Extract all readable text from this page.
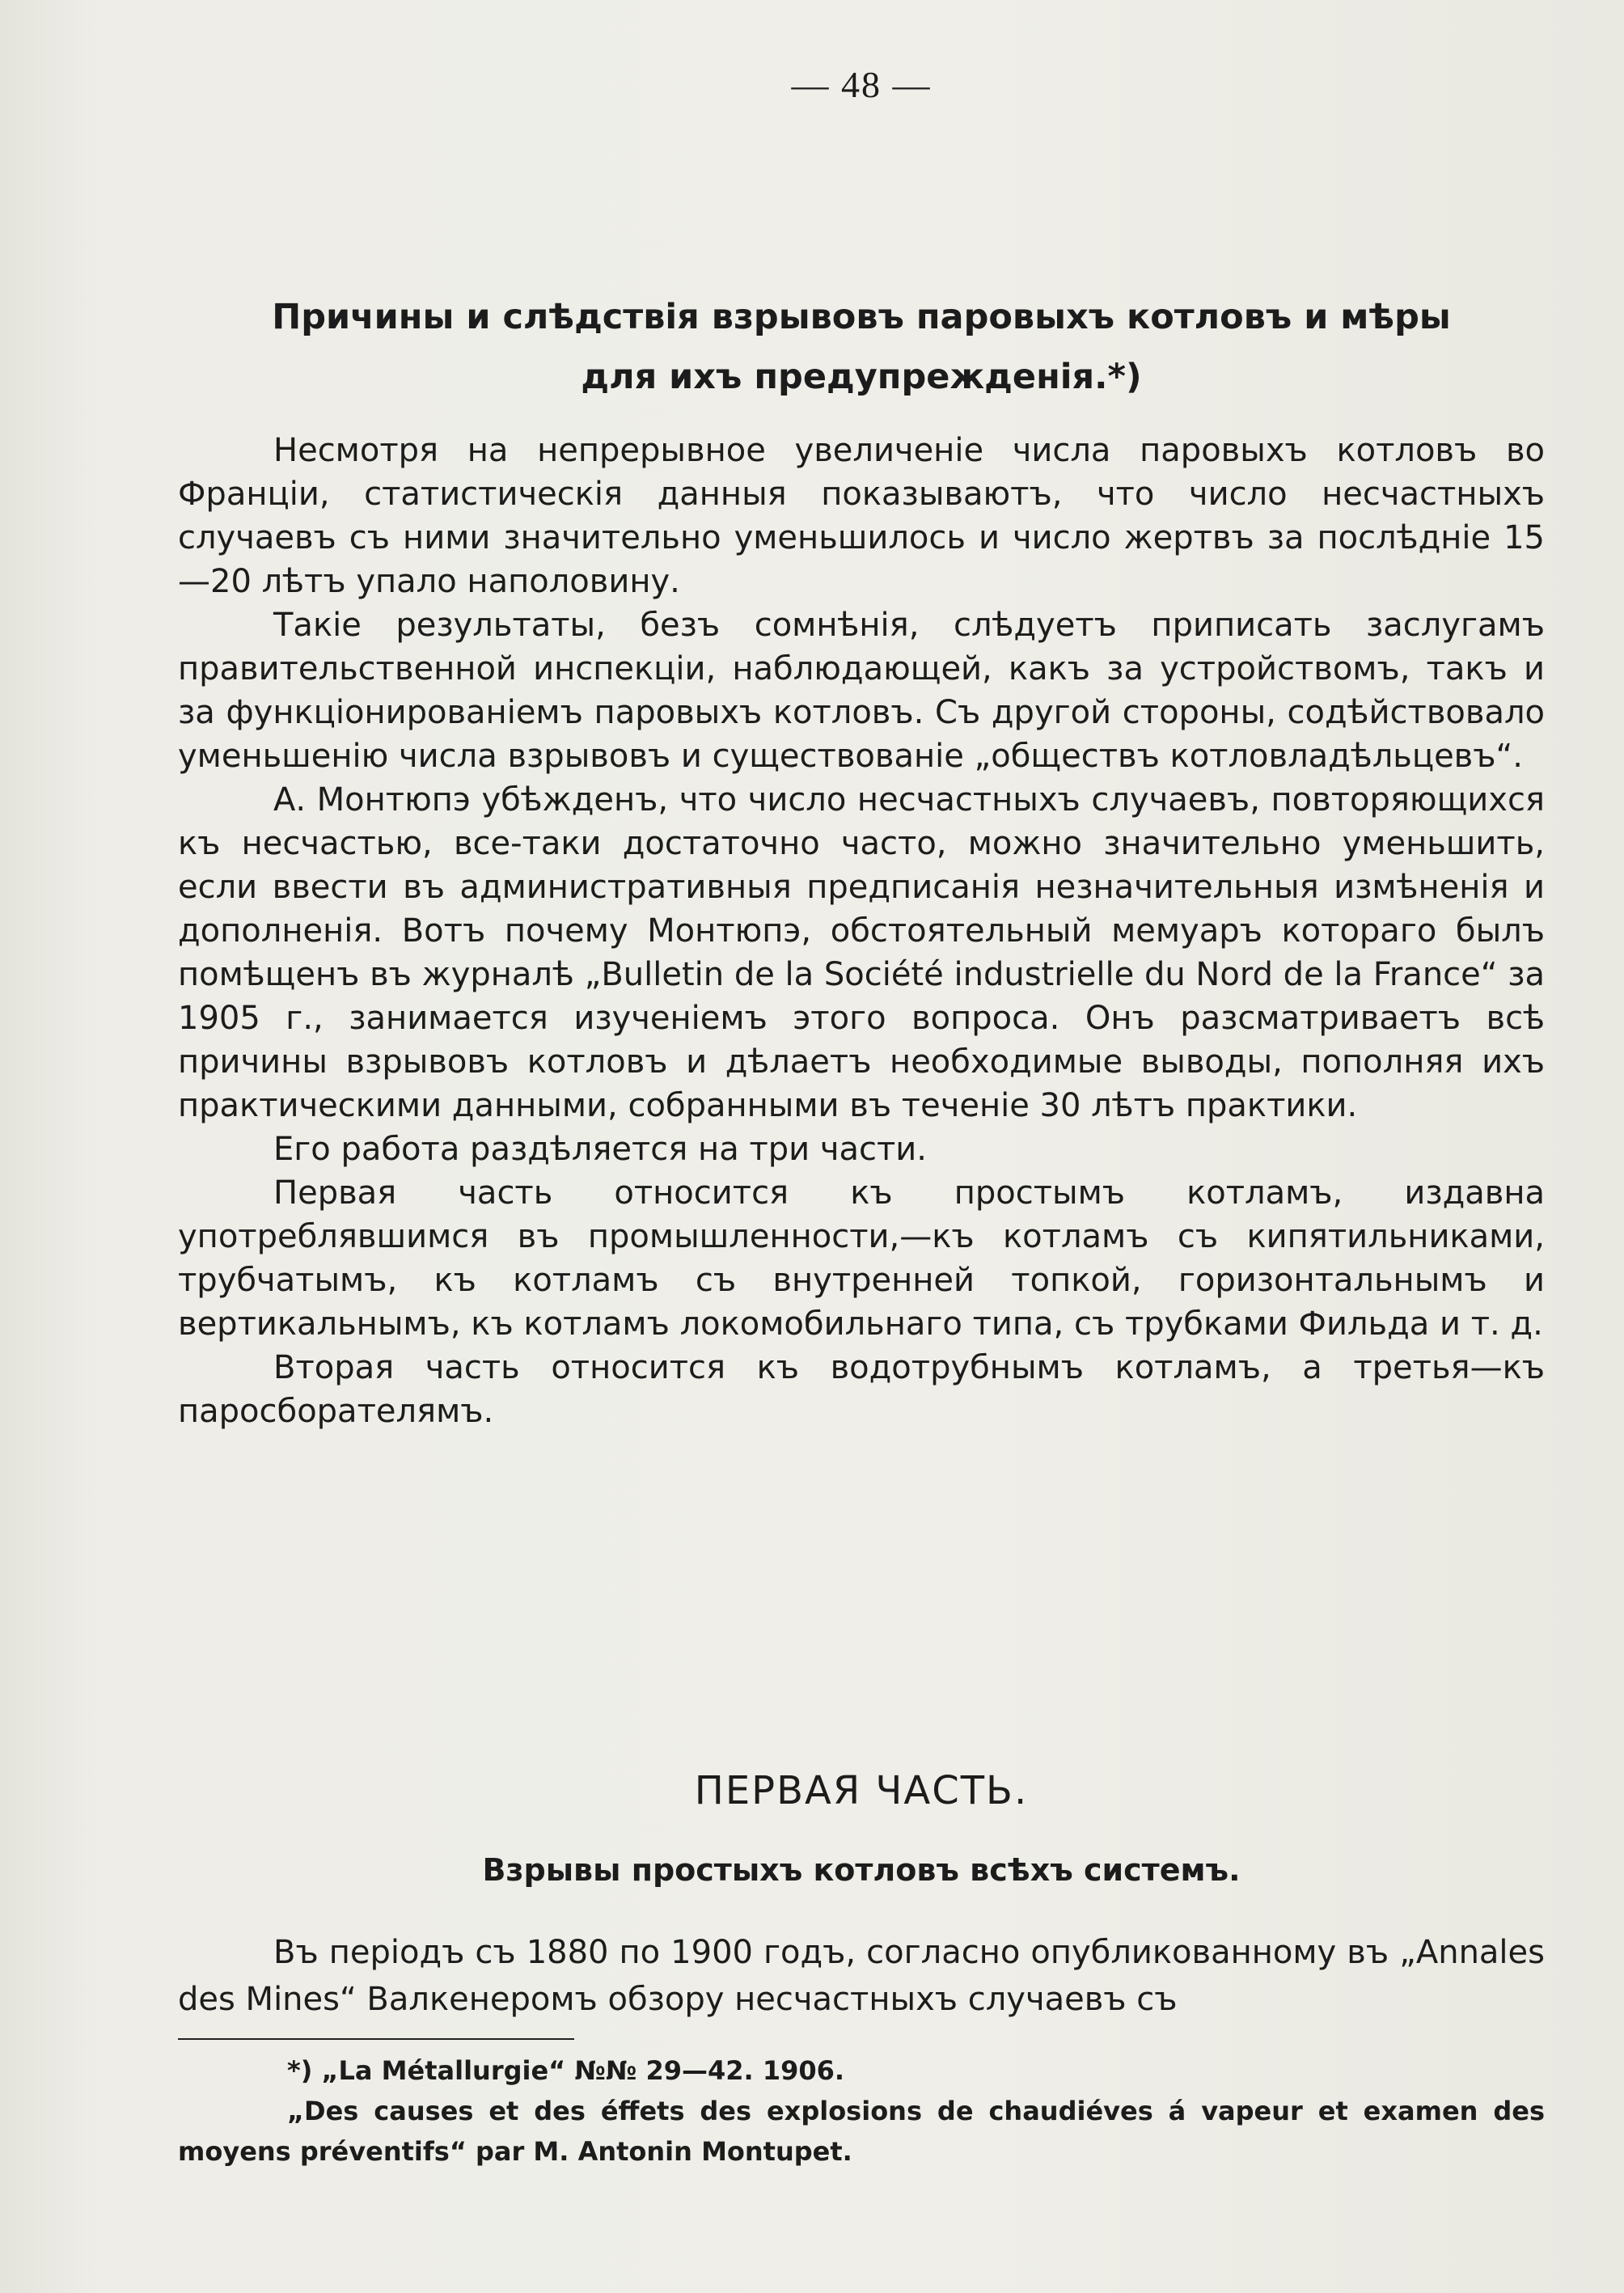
— 48 —
Причины и слѣдствія взрывовъ паровыхъ котловъ и мѣры
для ихъ предупрежденія.*)

Несмотря на непрерывное увеличеніе числа паровыхъ котловъ во Франціи, статистическія данныя показываютъ, что число несчастныхъ случаевъ съ ними значительно уменьшилось и число жертвъ за послѣдніе 15—20 лѣтъ упало наполовину.

Такіе результаты, безъ сомнѣнія, слѣдуетъ приписать заслугамъ правительственной инспекціи, наблюдающей, какъ за устройствомъ, такъ и за функціонированіемъ паровыхъ котловъ. Съ другой стороны, содѣйствовало уменьшенію числа взрывовъ и существованіе „обществъ котловладѣльцевъ“.

А. Монтюпэ убѣжденъ, что число несчастныхъ случаевъ, повторяющихся къ несчастью, все-таки достаточно часто, можно значительно уменьшить, если ввести въ административныя предписанія незначительныя измѣненія и дополненія. Вотъ почему Монтюпэ, обстоятельный мемуаръ котораго былъ помѣщенъ въ журналѣ „Bulletin de la Société industrielle du Nord de la France“ за 1905 г., занимается изученіемъ этого вопроса. Онъ разсматриваетъ всѣ причины взрывовъ котловъ и дѣлаетъ необходимые выводы, пополняя ихъ практическими данными, собранными въ теченіе 30 лѣтъ практики.

Его работа раздѣляется на три части.

Первая часть относится къ простымъ котламъ, издавна употреблявшимся въ промышленности,—къ котламъ съ кипятильниками, трубчатымъ, къ котламъ съ внутренней топкой, горизонтальнымъ и вертикальнымъ, къ котламъ локомобильнаго типа, съ трубками Фильда и т. д.

Вторая часть относится къ водотрубнымъ котламъ, а третья—къ паросборателямъ.

ПЕРВАЯ ЧАСТЬ.
Взрывы простыхъ котловъ всѣхъ системъ.

Въ періодъ съ 1880 по 1900 годъ, согласно опубликованному въ „Annales des Mines“ Валкенеромъ обзору несчастныхъ случаевъ съ

*) „La Métallurgie“ №№ 29—42. 1906.
„Des causes et des éffets des explosions de chaudiéves á vapeur et examen des moyens préventifs“ par M. Antonin Montupet.
